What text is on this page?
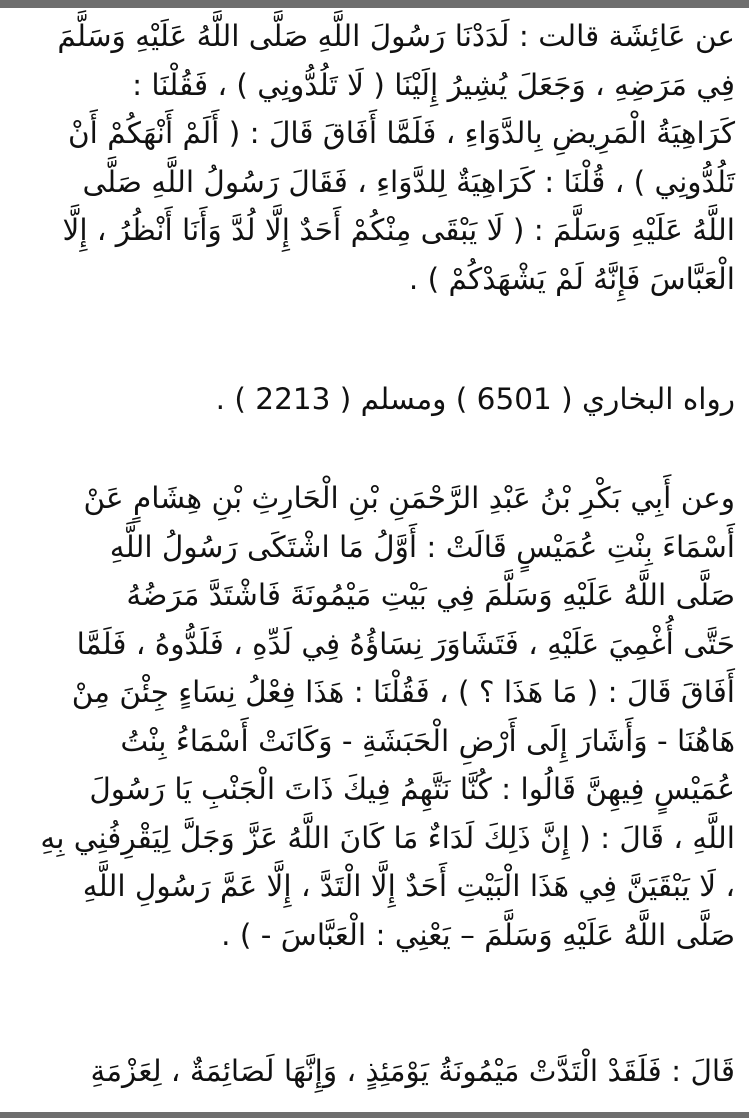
عن عَائِشَة قالت : لَدَدْنَا رَسُولَ اللَّهِ صَلَّى اللَّهُ عَلَيْهِ وَسَلَّمَ
فِي مَرَضِهِ ، وَجَعَلَ يُشِيرُ إِلَيْنَا ( لَا تَلُدُّونِي ) ، فَقُلْنَا :
كَرَاهِيَةُ الْمَرِيضِ بِالدَّوَاءِ ، فَلَمَّا أَفَاقَ قَالَ : ( أَلَمْ أَنْهَكُمْ أَنْ
تَلُدُّونِي ) ، قُلْنَا : كَرَاهِيَةٌ لِلدَّوَاءِ ، فَقَالَ رَسُولُ اللَّهِ صَلَّى
اللَّهُ عَلَيْهِ وَسَلَّمَ : ( لَا يَبْقَى مِنْكُمْ أَحَدٌ إِلَّا لُدَّ وَأَنَا أَنْظُرُ ، إِلَّا
الْعَبَّاسَ فَإِنَّهُ لَمْ يَشْهَدْكُمْ ) .
رواه البخاري ( 6501 ) ومسلم ( 2213 ) .
وعن أَبِي بَكْرِ بْنُ عَبْدِ الرَّحْمَنِ بْنِ الْحَارِثِ بْنِ هِشَامٍ عَنْ
أَسْمَاءَ بِنْتِ عُمَيْسٍ قَالَتْ : أَوَّلُ مَا اشْتَكَى رَسُولُ اللَّهِ
صَلَّى اللَّهُ عَلَيْهِ وَسَلَّمَ فِي بَيْتِ مَيْمُونَةَ فَاشْتَدَّ مَرَضُهُ
حَتَّى أُغْمِيَ عَلَيْهِ ، فَتَشَاوَرَ نِسَاؤُهُ فِي لَدِّهِ ، فَلَدُّوهُ ، فَلَمَّا
أَفَاقَ قَالَ : ( مَا هَذَا ؟ ) ، فَقُلْنَا : هَذَا فِعْلُ نِسَاءٍ جِئْنَ مِنْ
هَاهُنَا - وَأَشَارَ إِلَى أَرْضِ الْحَبَشَةِ - وَكَانَتْ أَسْمَاءُ بِنْتُ
عُمَيْسٍ فِيهِنَّ قَالُوا : كُنَّا نَتَّهِمُ فِيكَ ذَاتَ الْجَنْبِ يَا رَسُولَ
اللَّهِ ، قَالَ : ( إِنَّ ذَلِكَ لَدَاءٌ مَا كَانَ اللَّهُ عَزَّ وَجَلَّ لِيَقْرِفُنِي بِهِ
، لَا يَبْقَيَنَّ فِي هَذَا الْبَيْتِ أَحَدٌ إِلَّا الْتَدَّ ، إِلَّا عَمَّ رَسُولِ اللَّهِ
صَلَّى اللَّهُ عَلَيْهِ وَسَلَّمَ – يَعْنِي : الْعَبَّاسَ - ) .
قَالَ : فَلَقَدْ الْتَدَّتْ مَيْمُونَةُ يَوْمَئِذٍ ، وَإِنَّهَا لَصَائِمَةٌ ، لِعَزْمَةِ
